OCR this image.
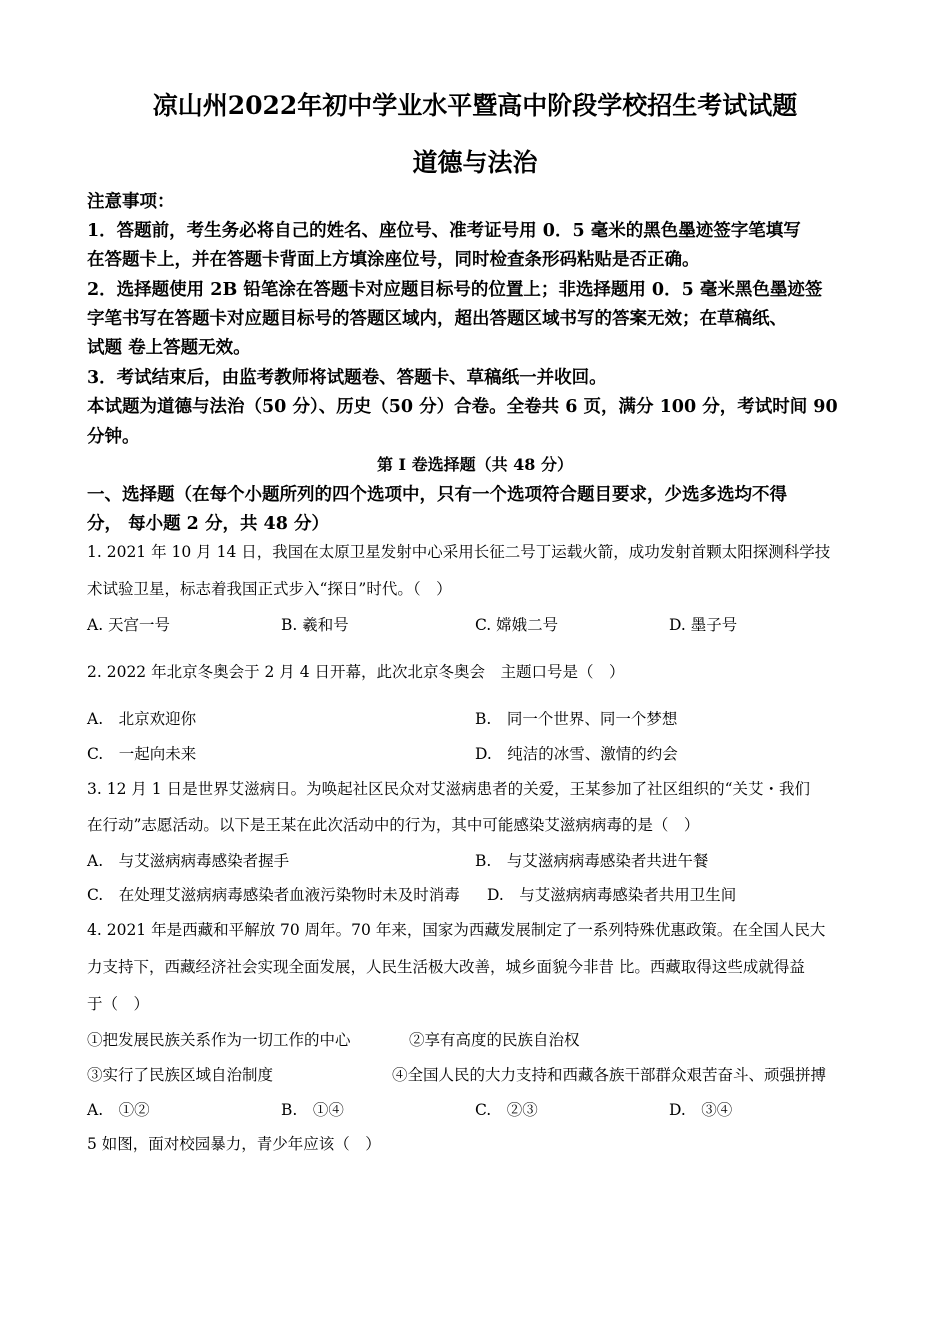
凉山州2022年初中学业水平暨高中阶段学校招生考试试题
道德与法治
注意事项：
1．答题前，考生务必将自己的姓名、座位号、准考证号用 0．5 毫米的黑色墨迹签字笔填写
在答题卡上，并在答题卡背面上方填涂座位号，同时检查条形码粘贴是否正确。
2．选择题使用 2B 铅笔涂在答题卡对应题目标号的位置上；非选择题用 0．5 毫米黑色墨迹签
字笔书写在答题卡对应题目标号的答题区域内，超出答题区域书写的答案无效；在草稿纸、
试题 卷上答题无效。
3．考试结束后，由监考教师将试题卷、答题卡、草稿纸一并收回。
本试题为道德与法治（50 分）、历史（50 分）合卷。全卷共 6 页，满分 100 分，考试时间 90
分钟。
第 I 卷选择题（共 48 分）
一、选择题（在每个小题所列的四个选项中，只有一个选项符合题目要求，少选多选均不得
分， 每小题 2 分，共 48 分）
1. 2021 年 10 月 14 日，我国在太原卫星发射中心采用长征二号丁运载火箭，成功发射首颗太阳探测科学技
术试验卫星，标志着我国正式步入“探日”时代。（　）
A. 天宫一号	B. 羲和号	C. 嫦娥二号	D. 墨子号
2. 2022 年北京冬奥会于 2 月 4 日开幕，此次北京冬奥会　主题口号是（　）
A.　北京欢迎你	B.　同一个世界、同一个梦想
C.　一起向未来	D.　纯洁的冰雪、激情的约会
3. 12 月 1 日是世界艾滋病日。为唤起社区民众对艾滋病患者的关爱，王某参加了社区组织的“关艾・我们
在行动”志愿活动。以下是王某在此次活动中的行为，其中可能感染艾滋病病毒的是（　）
A.　与艾滋病病毒感染者握手	B.　与艾滋病病毒感染者共进午餐
C.　在处理艾滋病病毒感染者血液污染物时未及时消毒 D.　与艾滋病病毒感染者共用卫生间
4. 2021 年是西藏和平解放 70 周年。70 年来，国家为西藏发展制定了一系列特殊优惠政策。在全国人民大
力支持下，西藏经济社会实现全面发展，人民生活极大改善，城乡面貌今非昔 比。西藏取得这些成就得益
于（　）
①把发展民族关系作为一切工作的中心	②享有高度的民族自治权
③实行了民族区域自治制度	④全国人民的大力支持和西藏各族干部群众艰苦奋斗、顽强拼搏
A.　①②	B.　①④	C.　②③	D.　③④
5 如图，面对校园暴力，青少年应该（　）
